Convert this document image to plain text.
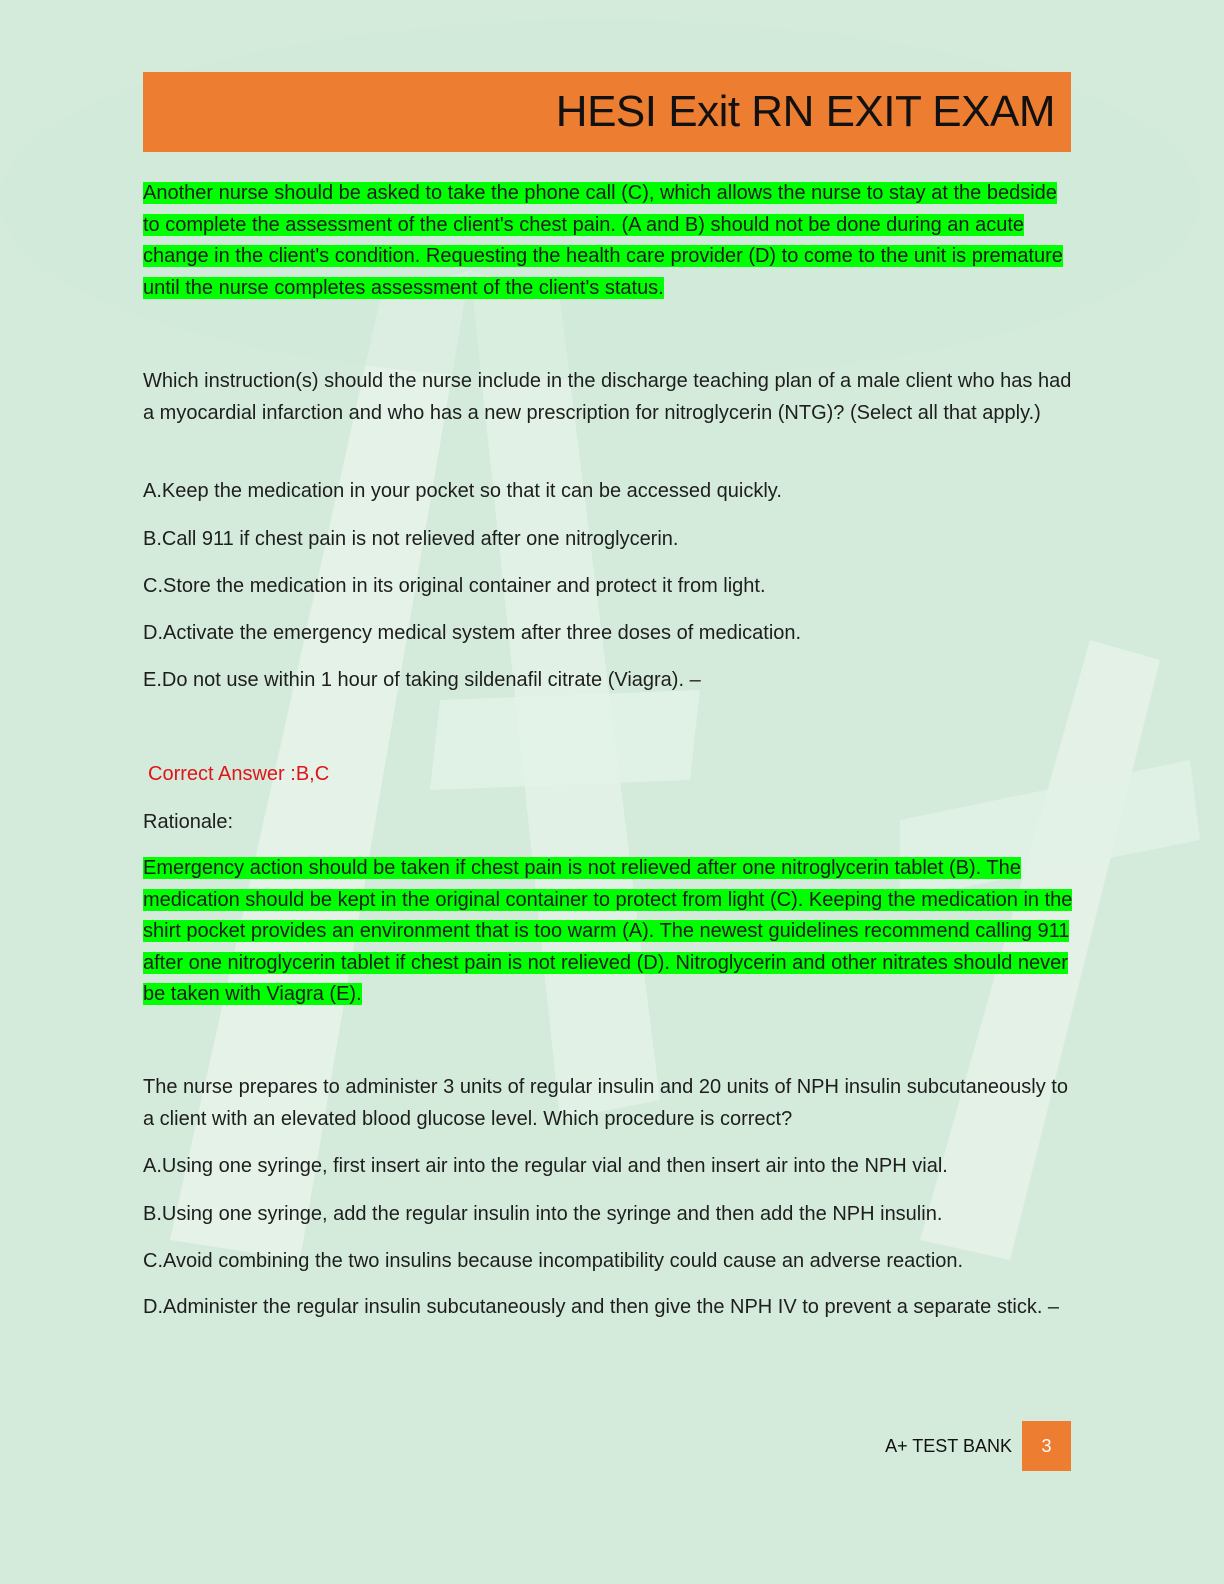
HESI Exit RN EXIT EXAM
Another nurse should be asked to take the phone call (C), which allows the nurse to stay at the bedside to complete the assessment of the client's chest pain. (A and B) should not be done during an acute change in the client's condition. Requesting the health care provider (D) to come to the unit is premature until the nurse completes assessment of the client's status.
Which instruction(s) should the nurse include in the discharge teaching plan of a male client who has had a myocardial infarction and who has a new prescription for nitroglycerin (NTG)? (Select all that apply.)
A.Keep the medication in your pocket so that it can be accessed quickly.
B.Call 911 if chest pain is not relieved after one nitroglycerin.
C.Store the medication in its original container and protect it from light.
D.Activate the emergency medical system after three doses of medication.
E.Do not use within 1 hour of taking sildenafil citrate (Viagra). –
Correct Answer :B,C
Rationale:
Emergency action should be taken if chest pain is not relieved after one nitroglycerin tablet (B). The medication should be kept in the original container to protect from light (C). Keeping the medication in the shirt pocket provides an environment that is too warm (A). The newest guidelines recommend calling 911 after one nitroglycerin tablet if chest pain is not relieved (D). Nitroglycerin and other nitrates should never be taken with Viagra (E).
The nurse prepares to administer 3 units of regular insulin and 20 units of NPH insulin subcutaneously to a client with an elevated blood glucose level. Which procedure is correct?
A.Using one syringe, first insert air into the regular vial and then insert air into the NPH vial.
B.Using one syringe, add the regular insulin into the syringe and then add the NPH insulin.
C.Avoid combining the two insulins because incompatibility could cause an adverse reaction.
D.Administer the regular insulin subcutaneously and then give the NPH IV to prevent a separate stick. –
A+ TEST BANK	3
